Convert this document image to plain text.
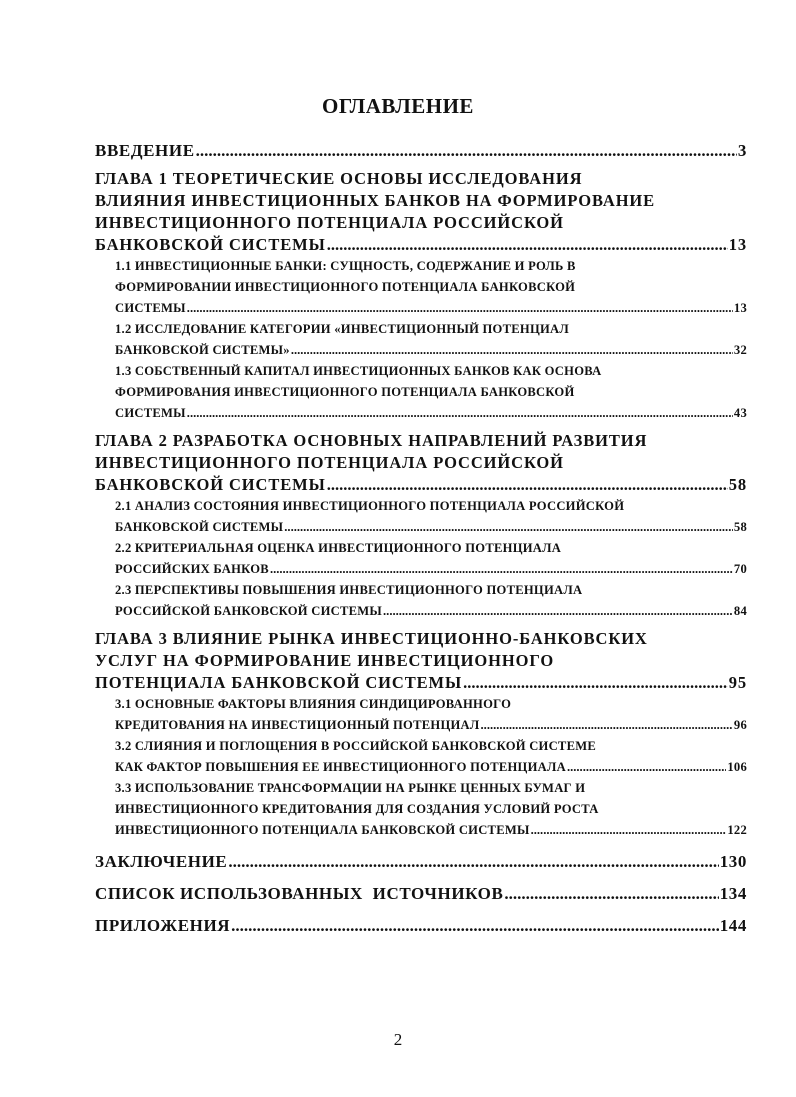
ОГЛАВЛЕНИЕ
ВВЕДЕНИЕ .....	3
ГЛАВА 1 ТЕОРЕТИЧЕСКИЕ ОСНОВЫ ИССЛЕДОВАНИЯ
ВЛИЯНИЯ ИНВЕСТИЦИОННЫХ БАНКОВ НА ФОРМИРОВАНИЕ
ИНВЕСТИЦИОННОГО ПОТЕНЦИАЛА РОССИЙСКОЙ
БАНКОВСКОЙ СИСТЕМЫ .....	13
1.1 ИНВЕСТИЦИОННЫЕ БАНКИ: СУЩНОСТЬ, СОДЕРЖАНИЕ И РОЛЬ В
ФОРМИРОВАНИИ ИНВЕСТИЦИОННОГО ПОТЕНЦИАЛА БАНКОВСКОЙ
СИСТЕМЫ .....	13
1.2 ИССЛЕДОВАНИЕ КАТЕГОРИИ «ИНВЕСТИЦИОННЫЙ ПОТЕНЦИАЛ
БАНКОВСКОЙ СИСТЕМЫ» .....	32
1.3 СОБСТВЕННЫЙ КАПИТАЛ ИНВЕСТИЦИОННЫХ БАНКОВ КАК ОСНОВА
ФОРМИРОВАНИЯ ИНВЕСТИЦИОННОГО ПОТЕНЦИАЛА БАНКОВСКОЙ
СИСТЕМЫ .....	43
ГЛАВА 2 РАЗРАБОТКА ОСНОВНЫХ НАПРАВЛЕНИЙ РАЗВИТИЯ
ИНВЕСТИЦИОННОГО ПОТЕНЦИАЛА РОССИЙСКОЙ
БАНКОВСКОЙ СИСТЕМЫ .....	58
2.1 АНАЛИЗ СОСТОЯНИЯ ИНВЕСТИЦИОННОГО ПОТЕНЦИАЛА РОССИЙСКОЙ
БАНКОВСКОЙ СИСТЕМЫ .....	58
2.2 КРИТЕРИАЛЬНАЯ ОЦЕНКА ИНВЕСТИЦИОННОГО ПОТЕНЦИАЛА
РОССИЙСКИХ БАНКОВ .....	70
2.3 ПЕРСПЕКТИВЫ ПОВЫШЕНИЯ ИНВЕСТИЦИОННОГО ПОТЕНЦИАЛА
РОССИЙСКОЙ БАНКОВСКОЙ СИСТЕМЫ .....	84
ГЛАВА 3 ВЛИЯНИЕ РЫНКА ИНВЕСТИЦИОННО-БАНКОВСКИХ
УСЛУГ НА ФОРМИРОВАНИЕ ИНВЕСТИЦИОННОГО
ПОТЕНЦИАЛА БАНКОВСКОЙ СИСТЕМЫ .....	95
3.1 ОСНОВНЫЕ ФАКТОРЫ ВЛИЯНИЯ СИНДИЦИРОВАННОГО
КРЕДИТОВАНИЯ НА ИНВЕСТИЦИОННЫЙ ПОТЕНЦИАЛ .....	96
3.2 СЛИЯНИЯ И ПОГЛОЩЕНИЯ В РОССИЙСКОЙ БАНКОВСКОЙ СИСТЕМЕ
КАК ФАКТОР ПОВЫШЕНИЯ ЕЕ ИНВЕСТИЦИОННОГО ПОТЕНЦИАЛА .....	106
3.3 ИСПОЛЬЗОВАНИЕ ТРАНСФОРМАЦИИ НА РЫНКЕ ЦЕННЫХ БУМАГ И
ИНВЕСТИЦИОННОГО КРЕДИТОВАНИЯ ДЛЯ СОЗДАНИЯ УСЛОВИЙ РОСТА
ИНВЕСТИЦИОННОГО ПОТЕНЦИАЛА БАНКОВСКОЙ СИСТЕМЫ .....	122
ЗАКЛЮЧЕНИЕ .....	130
СПИСОК ИСПОЛЬЗОВАННЫХ  ИСТОЧНИКОВ .....	134
ПРИЛОЖЕНИЯ .....	144
2
